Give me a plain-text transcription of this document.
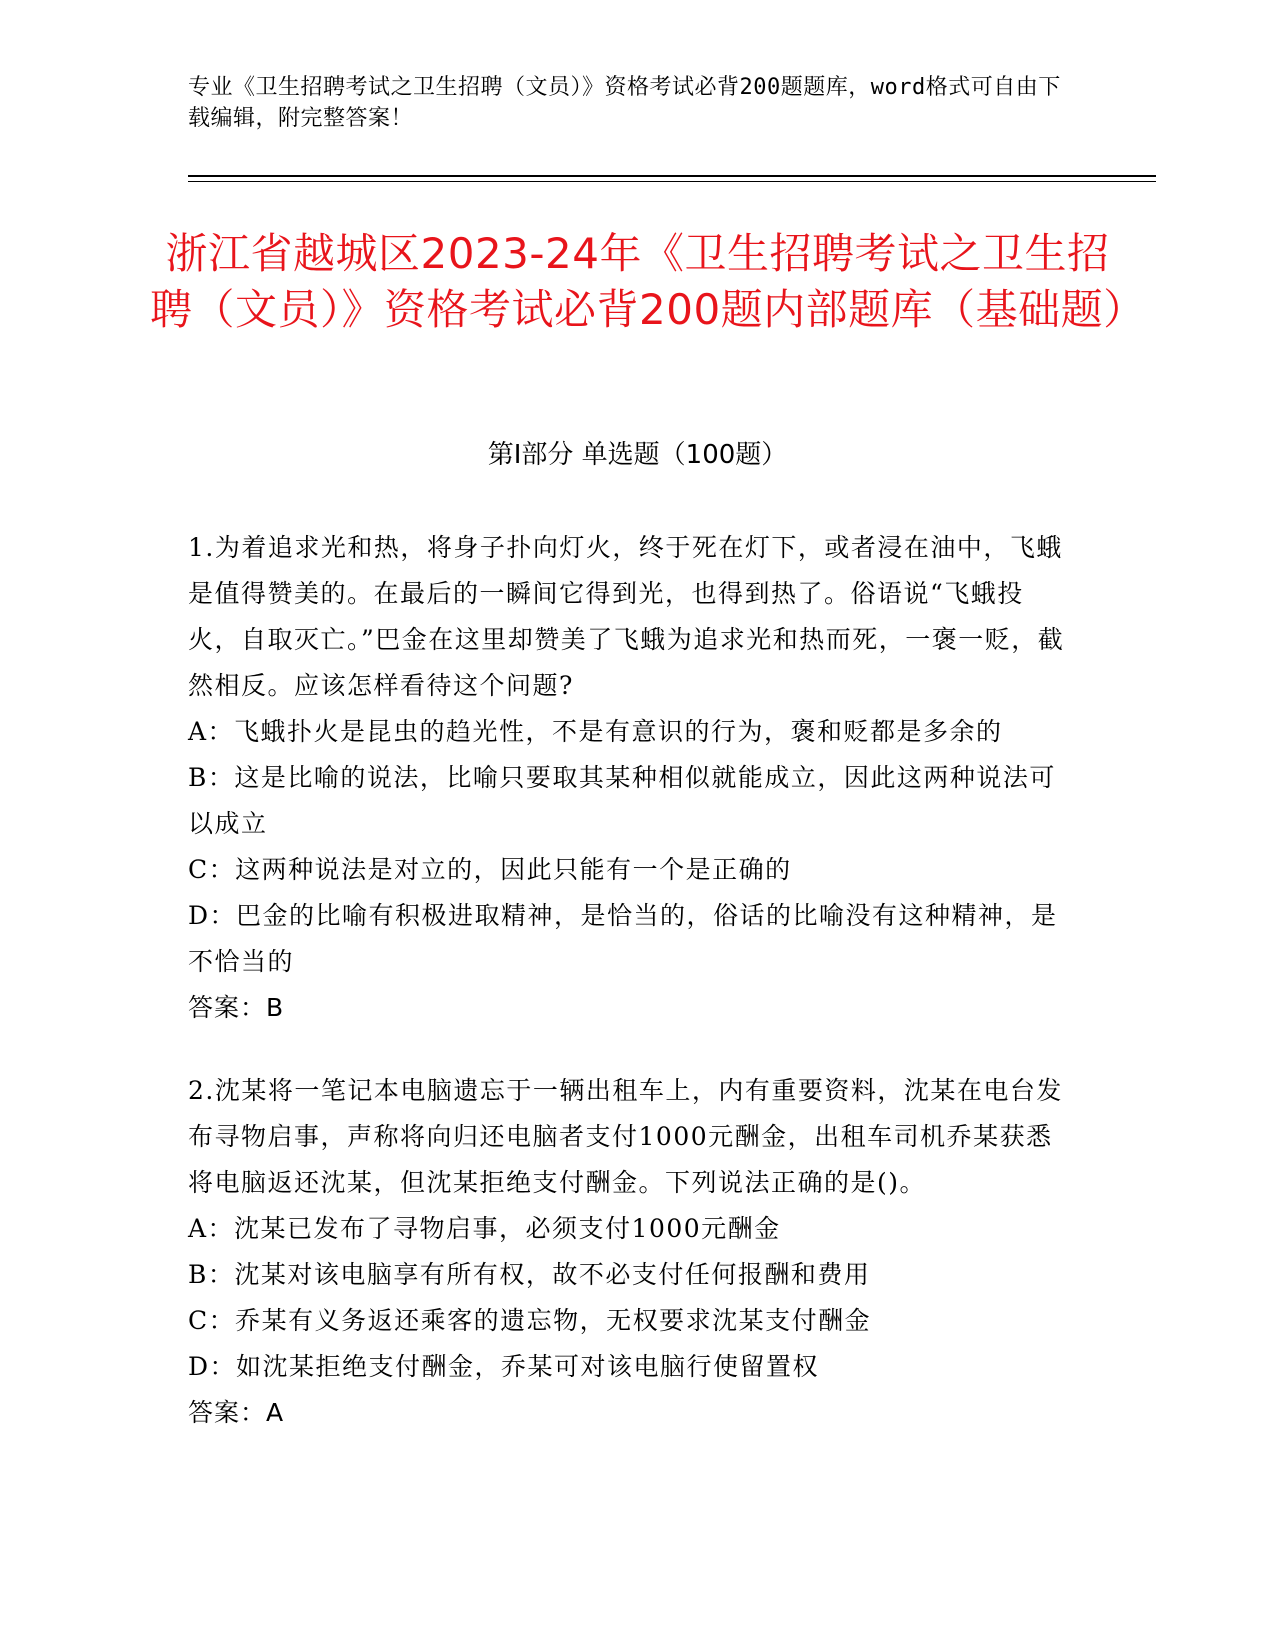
专业《卫生招聘考试之卫生招聘（文员）》资格考试必背200题题库，word格式可自由下载编辑，附完整答案！
浙江省越城区2023-24年《卫生招聘考试之卫生招聘（文员）》资格考试必背200题内部题库（基础题）
第I部分 单选题（100题）

1.为着追求光和热，将身子扑向灯火，终于死在灯下，或者浸在油中，飞蛾是值得赞美的。在最后的一瞬间它得到光，也得到热了。俗语说“飞蛾投火，自取灭亡。”巴金在这里却赞美了飞蛾为追求光和热而死，一褒一贬，截然相反。应该怎样看待这个问题?

A：飞蛾扑火是昆虫的趋光性，不是有意识的行为，褒和贬都是多余的

B：这是比喻的说法，比喻只要取其某种相似就能成立，因此这两种说法可以成立

C：这两种说法是对立的，因此只能有一个是正确的

D：巴金的比喻有积极进取精神，是恰当的，俗话的比喻没有这种精神，是不恰当的

答案：B

2.沈某将一笔记本电脑遗忘于一辆出租车上，内有重要资料，沈某在电台发布寻物启事，声称将向归还电脑者支付1000元酬金，出租车司机乔某获悉将电脑返还沈某，但沈某拒绝支付酬金。下列说法正确的是()。

A：沈某已发布了寻物启事，必须支付1000元酬金

B：沈某对该电脑享有所有权，故不必支付任何报酬和费用

C：乔某有义务返还乘客的遗忘物，无权要求沈某支付酬金

D：如沈某拒绝支付酬金，乔某可对该电脑行使留置权

答案：A
